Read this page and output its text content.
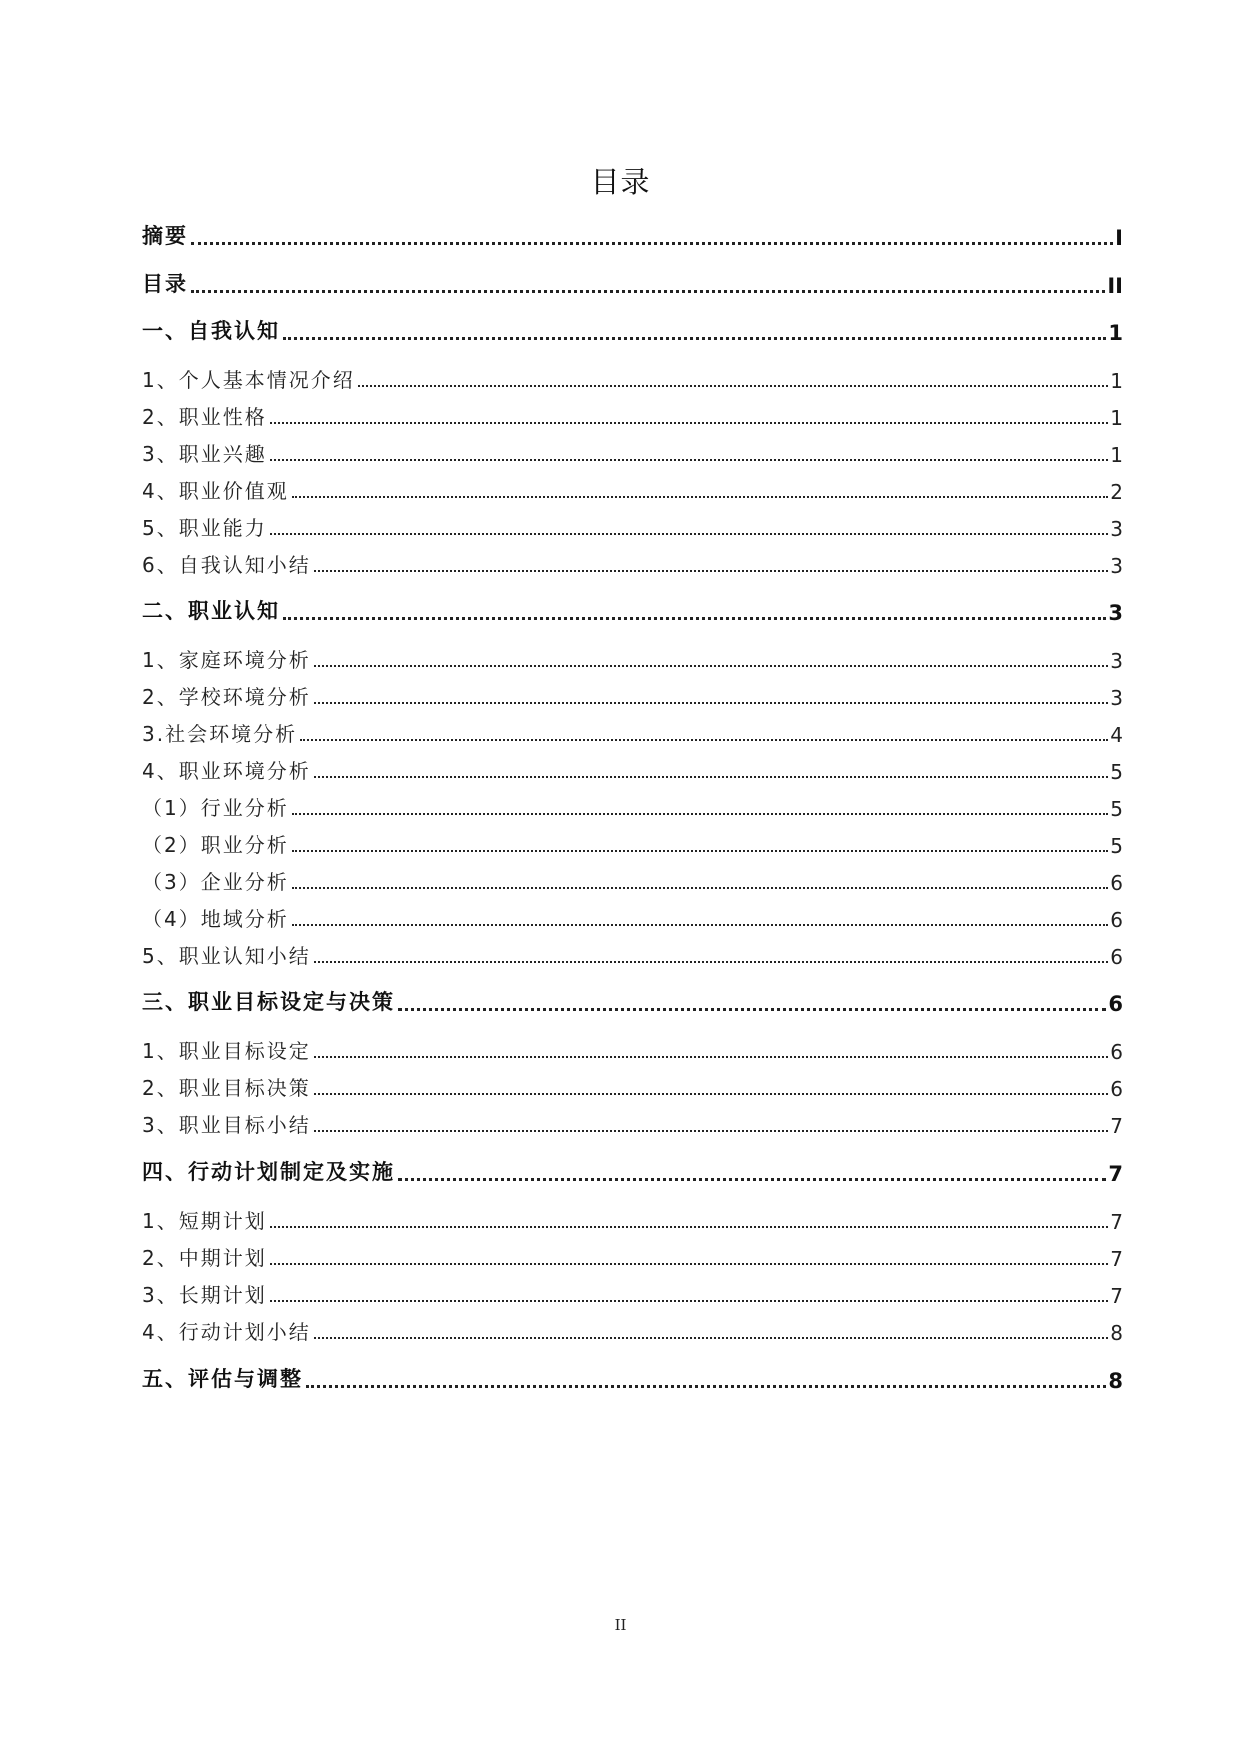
目录
摘要	I
目录	II
一、自我认知	1
1、个人基本情况介绍	1
2、职业性格	1
3、职业兴趣	1
4、职业价值观	2
5、职业能力	3
6、自我认知小结	3
二、职业认知	3
1、家庭环境分析	3
2、学校环境分析	3
3.社会环境分析	4
4、职业环境分析	5
（1）行业分析	5
（2）职业分析	5
（3）企业分析	6
（4）地域分析	6
5、职业认知小结	6
三、职业目标设定与决策	6
1、职业目标设定	6
2、职业目标决策	6
3、职业目标小结	7
四、行动计划制定及实施	7
1、短期计划	7
2、中期计划	7
3、长期计划	7
4、行动计划小结	8
五、评估与调整	8
II
